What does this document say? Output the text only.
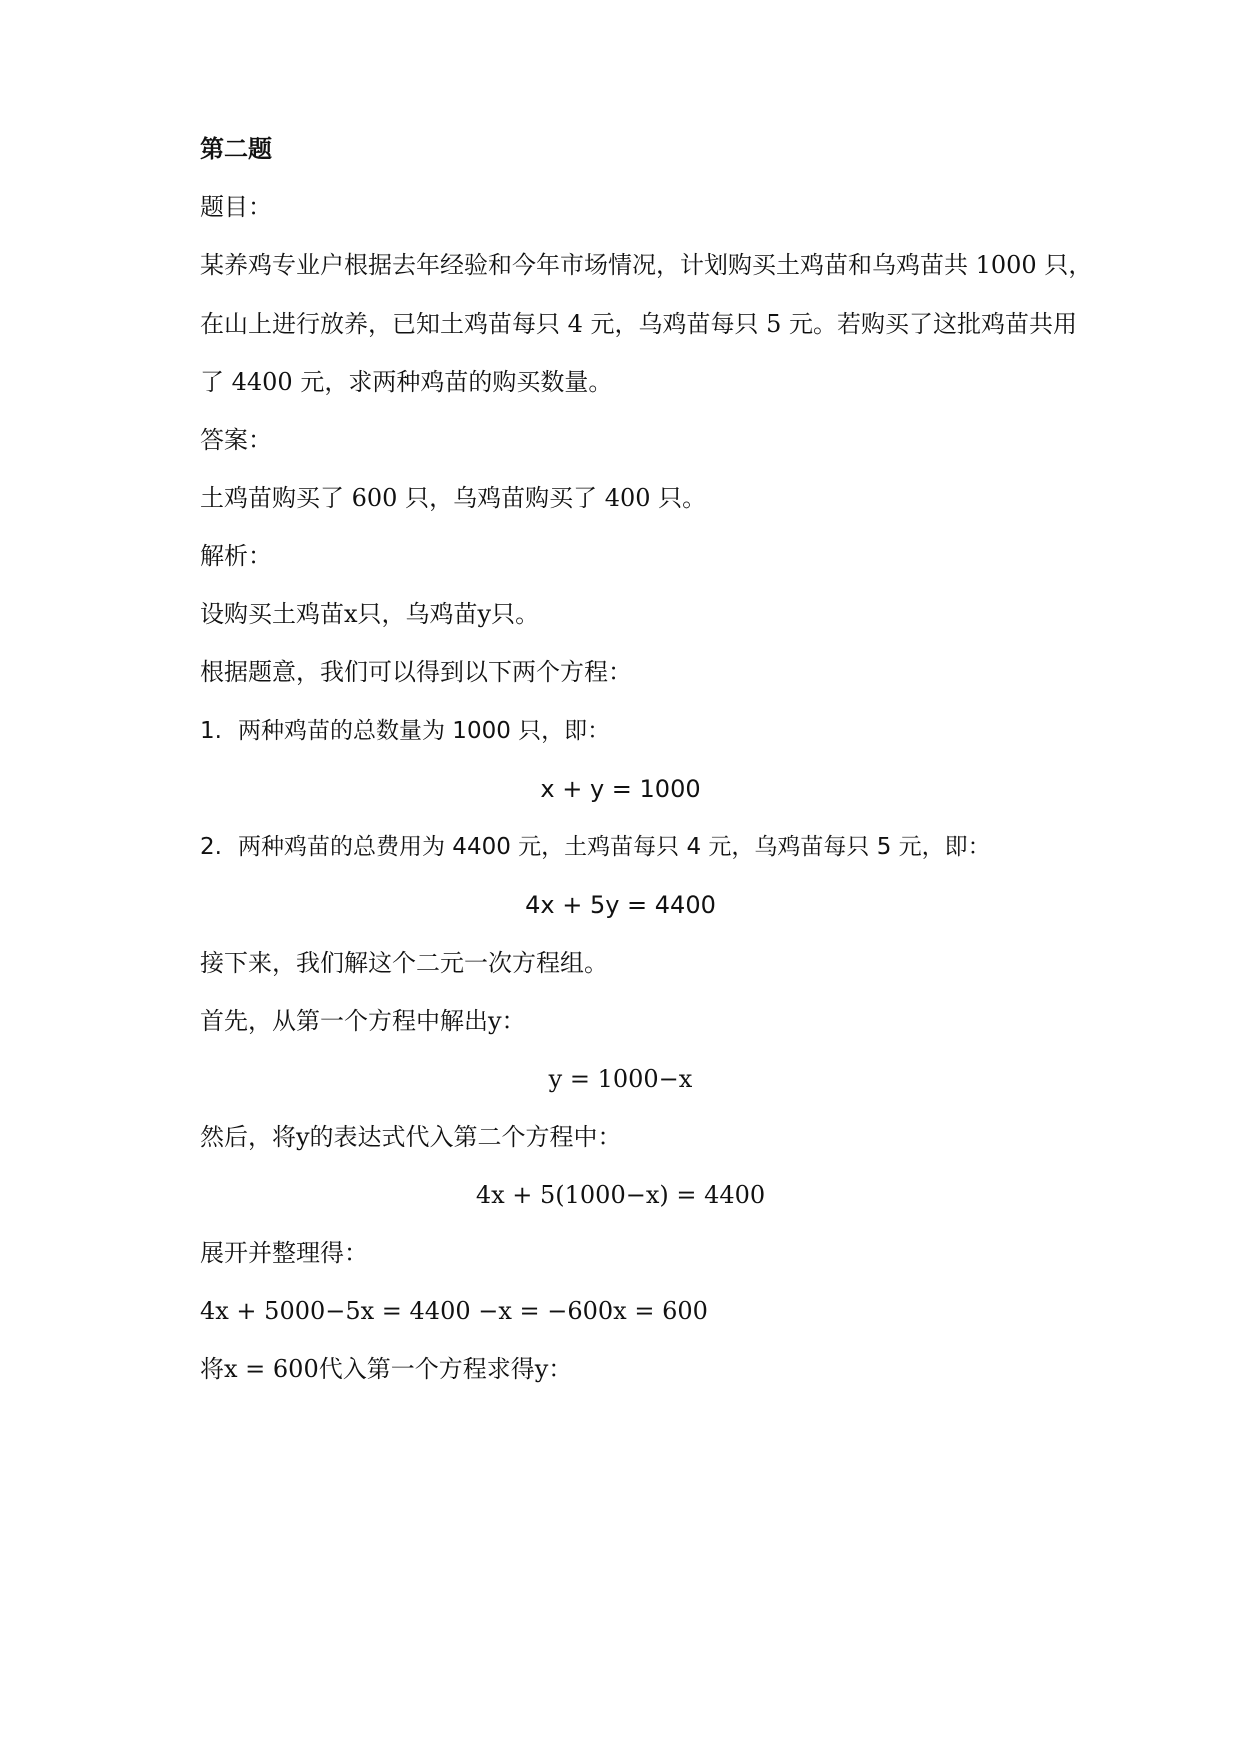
第二题
题目：
某养鸡专业户根据去年经验和今年市场情况，计划购买土鸡苗和乌鸡苗共 1000 只，
在山上进行放养，已知土鸡苗每只 4 元，乌鸡苗每只 5 元。若购买了这批鸡苗共用
了 4400 元，求两种鸡苗的购买数量。
答案：
土鸡苗购买了 600 只，乌鸡苗购买了 400 只。
解析：
设购买土鸡苗x只，乌鸡苗y只。
根据题意，我们可以得到以下两个方程：
1. 两种鸡苗的总数量为 1000 只，即：
x + y = 1000
2. 两种鸡苗的总费用为 4400 元，土鸡苗每只 4 元，乌鸡苗每只 5 元，即：
4x + 5y = 4400
接下来，我们解这个二元一次方程组。
首先，从第一个方程中解出y：
y = 1000−x
然后，将y的表达式代入第二个方程中：
4x + 5(1000−x) = 4400
展开并整理得：
4x + 5000−5x = 4400 −x = −600x = 600
将x = 600代入第一个方程求得y：
